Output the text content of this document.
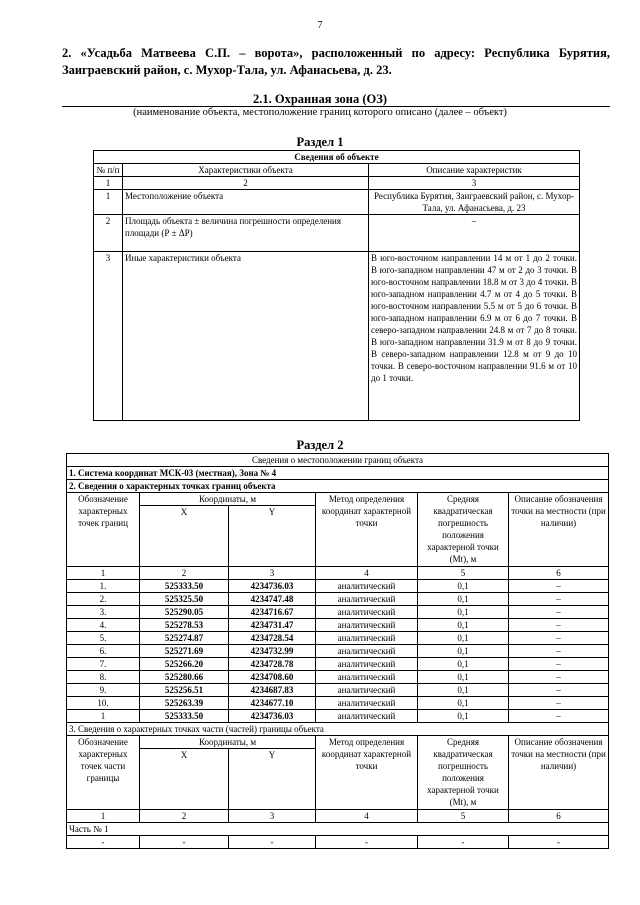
7
2. «Усадьба Матвеева С.П. – ворота», расположенный по адресу: Республика Бурятия, Заиграевский район, с. Мухор-Тала, ул. Афанасьева, д. 23.
2.1. Охранная зона (ОЗ)
(наименование объекта, местоположение границ которого описано (далее – объект)
Раздел 1
Сведения об объекте		
№ п/п	Характеристики объекта	Описание характеристик
1	2	3
1	Местоположение объекта	Республика Бурятия, Заиграевский район, с. Мухор-Тала, ул. Афанасьева, д. 23
2	Площадь объекта ± величина погрешности определения площади (Р ± ΔР)	–
3	Иные характеристики объекта	В юго-восточном направлении 14 м от 1 до 2 точки. В юго-западном направлении 47 м от 2 до 3 точки. В юго-восточном направлении 18.8 м от 3 до 4 точки. В юго-западном направлении 4.7 м от 4 до 5 точки. В юго-восточном направлении 5.5 м от 5 до 6 точки. В юго-западном направлении 6.9 м от 6 до 7 точки. В северо-западном направлении 24.8 м от 7 до 8 точки. В юго-западном направлении 31.9 м от 8 до 9 точки. В северо-западном направлении 12.8 м от 9 до 10 точки. В северо-восточном направлении 91.6 м от 10 до 1 точки.
Раздел 2
Сведения о местоположении границ объекта					
1. Система координат МСК-03 (местная), Зона № 4					
2. Сведения о характерных точках границ объекта					
Обозначение характерных точек границ	Координаты, м		Метод определения координат характерной точки	Средняя квадратическая погрешность положения характерной точки (Mt), м	Описание обозначения точки на местности (при наличии)
	X	Y			
1	2	3	4	5	6
1.	525333.50	4234736.03	аналитический	0,1	–
2.	525325.50	4234747.48	аналитический	0,1	–
3.	525290.05	4234716.67	аналитический	0,1	–
4.	525278.53	4234731.47	аналитический	0,1	–
5.	525274.87	4234728.54	аналитический	0,1	–
6.	525271.69	4234732.99	аналитический	0,1	–
7.	525266.20	4234728.78	аналитический	0,1	–
8.	525280.66	4234708.60	аналитический	0,1	–
9.	525256.51	4234687.83	аналитический	0,1	–
10.	525263.39	4234677.10	аналитический	0,1	–
1	525333.50	4234736.03	аналитический	0,1	–
3. Сведения о характерных точках части (частей) границы объекта					
Обозначение характерных точек части границы	Координаты, м		Метод определения координат характерной точки	Средняя квадратическая погрешность положения характерной точки (Mt), м	Описание обозначения точки на местности (при наличии)
	X	Y			
1	2	3	4	5	6
Часть № 1					
-	-	-	-	-	-
